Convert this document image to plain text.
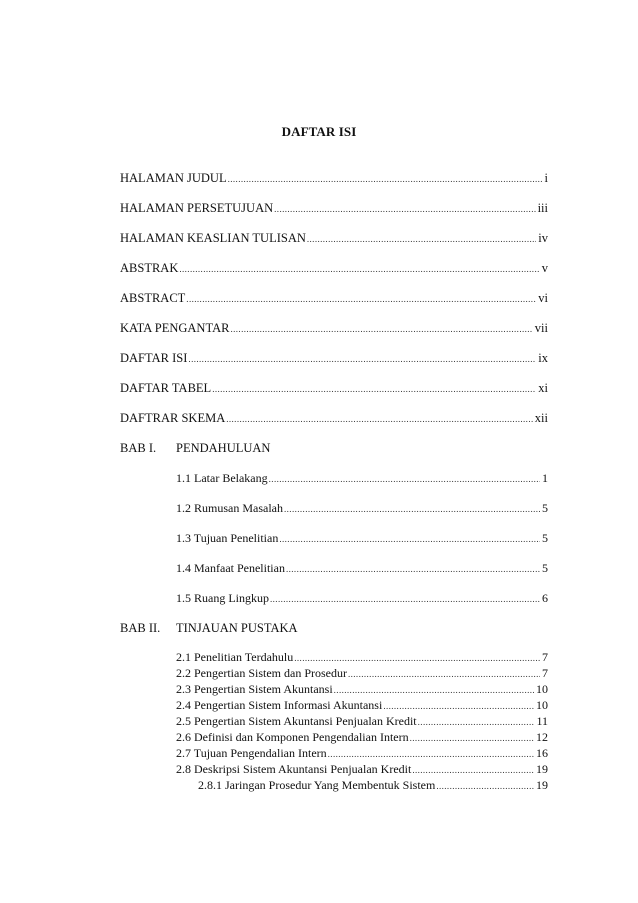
DAFTAR ISI
HALAMAN JUDUL .....	i
HALAMAN PERSETUJUAN .....	iii
HALAMAN KEASLIAN TULISAN .....	iv
ABSTRAK .....	v
ABSTRACT .....	vi
KATA PENGANTAR .....	vii
DAFTAR ISI .....	ix
DAFTAR TABEL .....	xi
DAFTRAR SKEMA .....	xii
BAB I.	PENDAHULUAN
1.1 Latar Belakang .....	1
1.2 Rumusan Masalah .....	5
1.3 Tujuan Penelitian .....	5
1.4 Manfaat Penelitian .....	5
1.5 Ruang Lingkup .....	6
BAB II.	TINJAUAN PUSTAKA
2.1 Penelitian Terdahulu .....	7
2.2 Pengertian Sistem dan Prosedur .....	7
2.3 Pengertian Sistem Akuntansi .....	10
2.4 Pengertian Sistem Informasi Akuntansi .....	10
2.5 Pengertian Sistem Akuntansi Penjualan Kredit .....	11
2.6 Definisi dan Komponen Pengendalian Intern .....	12
2.7 Tujuan Pengendalian Intern .....	16
2.8 Deskripsi Sistem Akuntansi Penjualan Kredit .....	19
2.8.1 Jaringan Prosedur Yang Membentuk Sistem .....	19
